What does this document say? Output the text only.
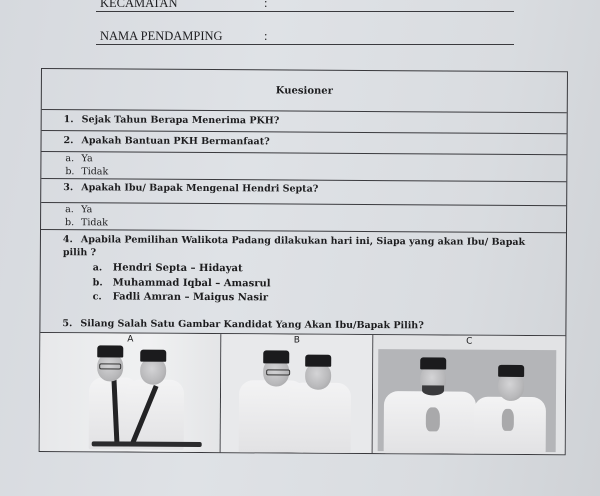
KECAMATAN	:
NAMA PENDAMPING	:
Kuesioner
1. Sejak Tahun Berapa Menerima PKH?
2. Apakah Bantuan PKH Bermanfaat?
a. Ya
b. Tidak
3. Apakah Ibu/ Bapak Mengenal Hendri Septa?
a. Ya
b. Tidak
4. Apabila Pemilihan Walikota Padang dilakukan hari ini, Siapa yang akan Ibu/ Bapak
pilih ?
a. Hendri Septa – Hidayat
b. Muhammad Iqbal – Amasrul
c. Fadli Amran – Maigus Nasir
5. Silang Salah Satu Gambar Kandidat Yang Akan Ibu/Bapak Pilih?
A	B	C
